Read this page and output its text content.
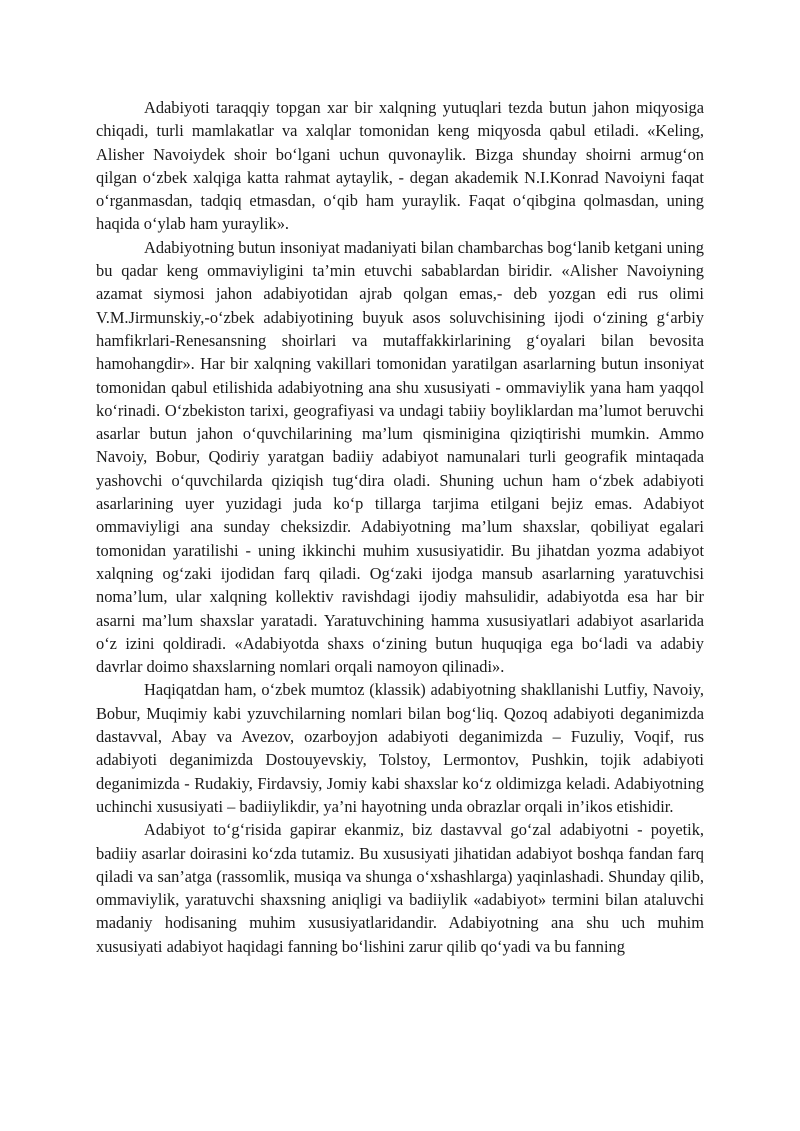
Adabiyoti taraqqiy topgan xar bir xalqning yutuqlari tezda butun jahon miqyosiga chiqadi, turli mamlakatlar va xalqlar tomonidan keng miqyosda qabul etiladi. «Keling, Alisher Navoiydek shoir bo‘lgani uchun quvonaylik. Bizga shunday shoirni armug‘on qilgan o‘zbek xalqiga katta rahmat aytaylik, - degan akademik N.I.Konrad Navoiyni faqat o‘rganmasdan, tadqiq etmasdan, o‘qib ham yuraylik. Faqat o‘qibgina qolmasdan, uning haqida o‘ylab ham yuraylik».

Adabiyotning butun insoniyat madaniyati bilan chambarchas bog‘lanib ketgani uning bu qadar keng ommaviyligini ta’min etuvchi sabablardan biridir. «Alisher Navoiyning azamat siymosi jahon adabiyotidan ajrab qolgan emas,- deb yozgan edi rus olimi V.M.Jirmunskiy,-o‘zbek adabiyotining buyuk asos soluvchisining ijodi o‘zining g‘arbiy hamfikrlari-Renesansning shoirlari va mutaffakkirlarining g‘oyalari bilan bevosita hamohangdir». Har bir xalqning vakillari tomonidan yaratilgan asarlarning butun insoniyat tomonidan qabul etilishida adabiyotning ana shu xususiyati - ommaviylik yana ham yaqqol ko‘rinadi. O‘zbekiston tarixi, geografiyasi va undagi tabiiy boyliklardan ma’lumot beruvchi asarlar butun jahon o‘quvchilarining ma’lum qisminigina qiziqtirishi mumkin. Ammo Navoiy, Bobur, Qodiriy yaratgan badiiy adabiyot namunalari turli geografik mintaqada yashovchi o‘quvchilarda qiziqish tug‘dira oladi. Shuning uchun ham o‘zbek adabiyoti asarlarining uyer yuzidagi juda ko‘p tillarga tarjima etilgani bejiz emas. Adabiyot ommaviyligi ana sunday cheksizdir. Adabiyotning ma’lum shaxslar, qobiliyat egalari tomonidan yaratilishi - uning ikkinchi muhim xususiyatidir. Bu jihatdan yozma adabiyot xalqning og‘zaki ijodidan farq qiladi. Og‘zaki ijodga mansub asarlarning yaratuvchisi noma’lum, ular xalqning kollektiv ravishdagi ijodiy mahsulidir, adabiyotda esa har bir asarni ma’lum shaxslar yaratadi. Yaratuvchining hamma xususiyatlari adabiyot asarlarida o‘z izini qoldiradi. «Adabiyotda shaxs o‘zining butun huquqiga ega bo‘ladi va adabiy davrlar doimo shaxslarning nomlari orqali namoyon qilinadi».

Haqiqatdan ham, o‘zbek mumtoz (klassik) adabiyotning shakllanishi Lutfiy, Navoiy, Bobur, Muqimiy kabi yzuvchilarning nomlari bilan bog‘liq. Qozoq adabiyoti deganimizda dastavval, Abay va Avezov, ozarboyjon adabiyoti deganimizda – Fuzuliy, Voqif, rus adabiyoti deganimizda Dostouyevskiy, Tolstoy, Lermontov, Pushkin, tojik adabiyoti deganimizda - Rudakiy, Firdavsiy, Jomiy kabi shaxslar ko‘z oldimizga keladi. Adabiyotning uchinchi xususiyati – badiiylikdir, ya’ni hayotning unda obrazlar orqali in’ikos etishidir.

Adabiyot to‘g‘risida gapirar ekanmiz, biz dastavval go‘zal adabiyotni - poyetik, badiiy asarlar doirasini ko‘zda tutamiz. Bu xususiyati jihatidan adabiyot boshqa fandan farq qiladi va san’atga (rassomlik, musiqa va shunga o‘xshashlarga) yaqinlashadi. Shunday qilib, ommaviylik, yaratuvchi shaxsning aniqligi va badiiylik «adabiyot» termini bilan ataluvchi madaniy hodisaning muhim xususiyatlaridandir. Adabiyotning ana shu uch muhim xususiyati adabiyot haqidagi fanning bo‘lishini zarur qilib qo‘yadi va bu fanning
